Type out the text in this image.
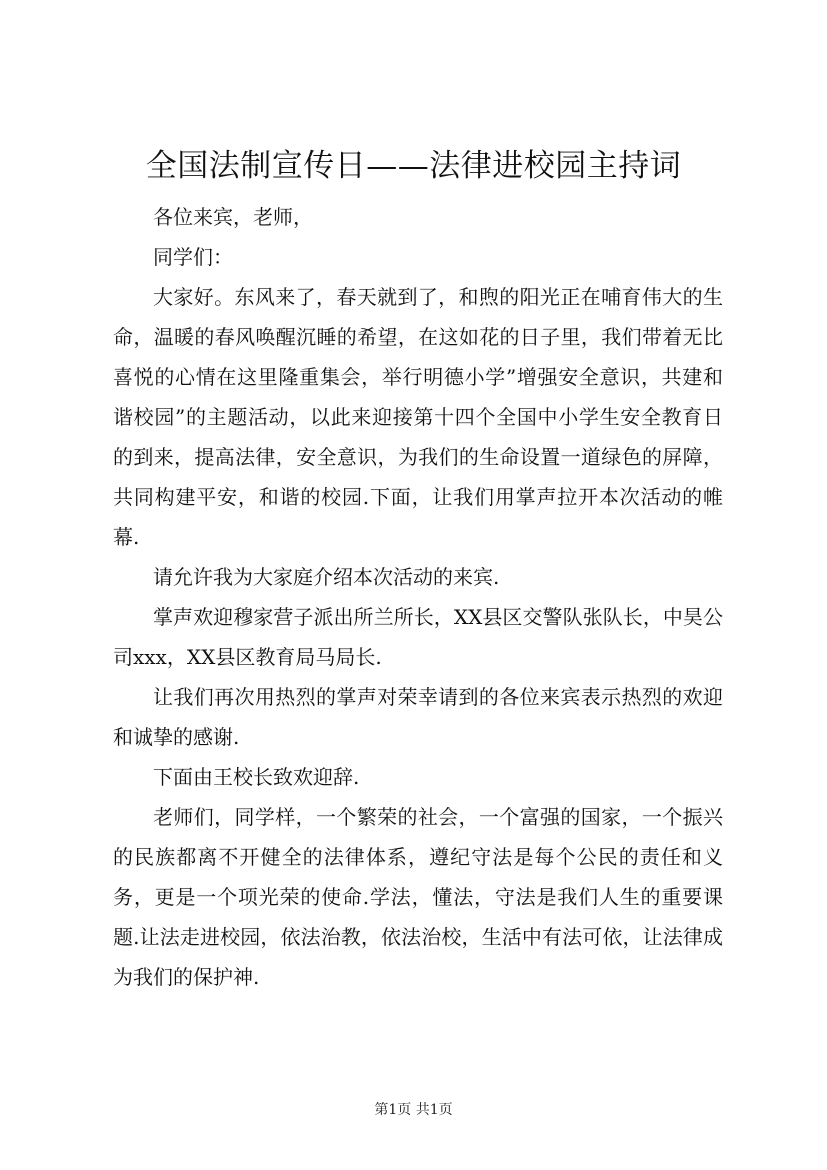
全国法制宣传日——法律进校园主持词

各位来宾，老师，

同学们：

大家好。东风来了，春天就到了，和煦的阳光正在哺育伟大的生命，温暖的春风唤醒沉睡的希望，在这如花的日子里，我们带着无比喜悦的心情在这里隆重集会，举行明德小学”增强安全意识，共建和谐校园”的主题活动，以此来迎接第十四个全国中小学生安全教育日的到来，提高法律，安全意识，为我们的生命设置一道绿色的屏障，共同构建平安，和谐的校园.下面，让我们用掌声拉开本次活动的帷幕.

请允许我为大家庭介绍本次活动的来宾.

掌声欢迎穆家营子派出所兰所长，XX县区交警队张队长，中昊公司xxx，XX县区教育局马局长.

让我们再次用热烈的掌声对荣幸请到的各位来宾表示热烈的欢迎和诚挚的感谢.

下面由王校长致欢迎辞.

老师们，同学样，一个繁荣的社会，一个富强的国家，一个振兴的民族都离不开健全的法律体系，遵纪守法是每个公民的责任和义务，更是一个项光荣的使命.学法，懂法，守法是我们人生的重要课题.让法走进校园，依法治教，依法治校，生活中有法可依，让法律成为我们的保护神.

第1页 共1页
